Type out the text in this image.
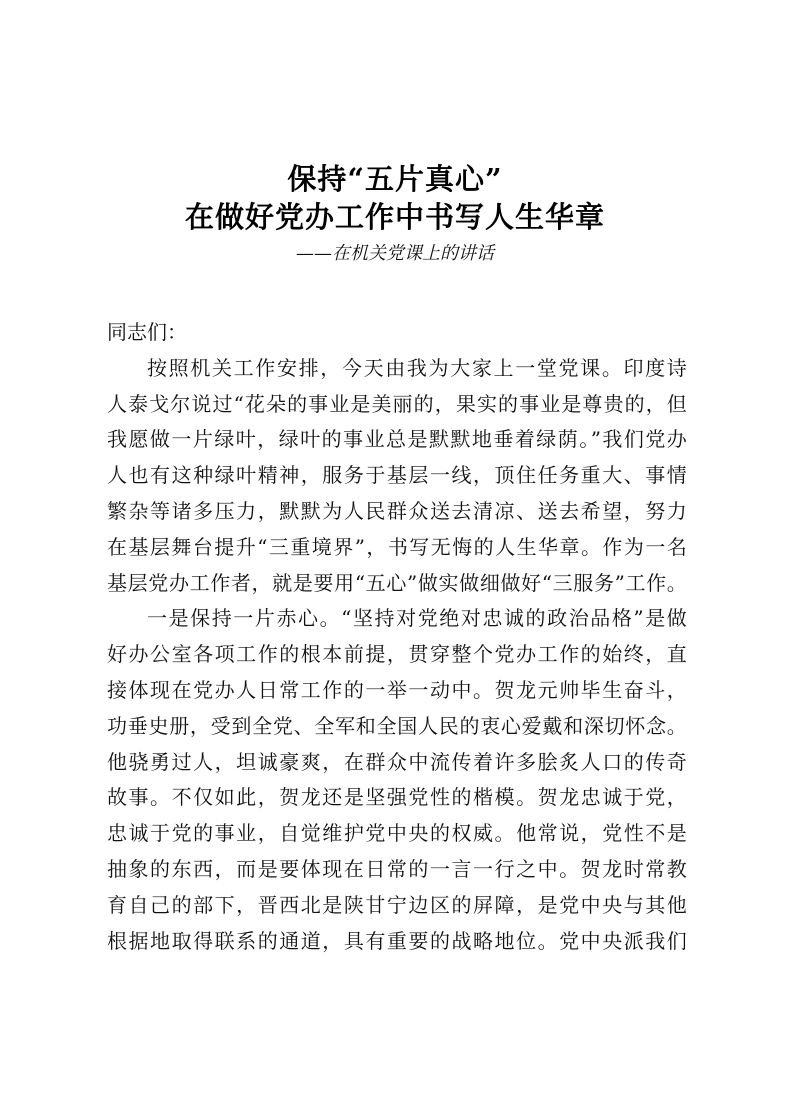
保持“五片真心”
在做好党办工作中书写人生华章
——在机关党课上的讲话
同志们：
按照机关工作安排，今天由我为大家上一堂党课。印度诗
人泰戈尔说过“花朵的事业是美丽的，果实的事业是尊贵的，但
我愿做一片绿叶，绿叶的事业总是默默地垂着绿荫。”我们党办
人也有这种绿叶精神，服务于基层一线，顶住任务重大、事情
繁杂等诸多压力，默默为人民群众送去清凉、送去希望，努力
在基层舞台提升“三重境界”，书写无悔的人生华章。作为一名
基层党办工作者，就是要用“五心”做实做细做好“三服务”工作。
一是保持一片赤心。“坚持对党绝对忠诚的政治品格”是做
好办公室各项工作的根本前提，贯穿整个党办工作的始终，直
接体现在党办人日常工作的一举一动中。贺龙元帅毕生奋斗，
功垂史册，受到全党、全军和全国人民的衷心爱戴和深切怀念。
他骁勇过人，坦诚豪爽，在群众中流传着许多脍炙人口的传奇
故事。不仅如此，贺龙还是坚强党性的楷模。贺龙忠诚于党，
忠诚于党的事业，自觉维护党中央的权威。他常说，党性不是
抽象的东西，而是要体现在日常的一言一行之中。贺龙时常教
育自己的部下，晋西北是陕甘宁边区的屏障，是党中央与其他
根据地取得联系的通道，具有重要的战略地位。党中央派我们
